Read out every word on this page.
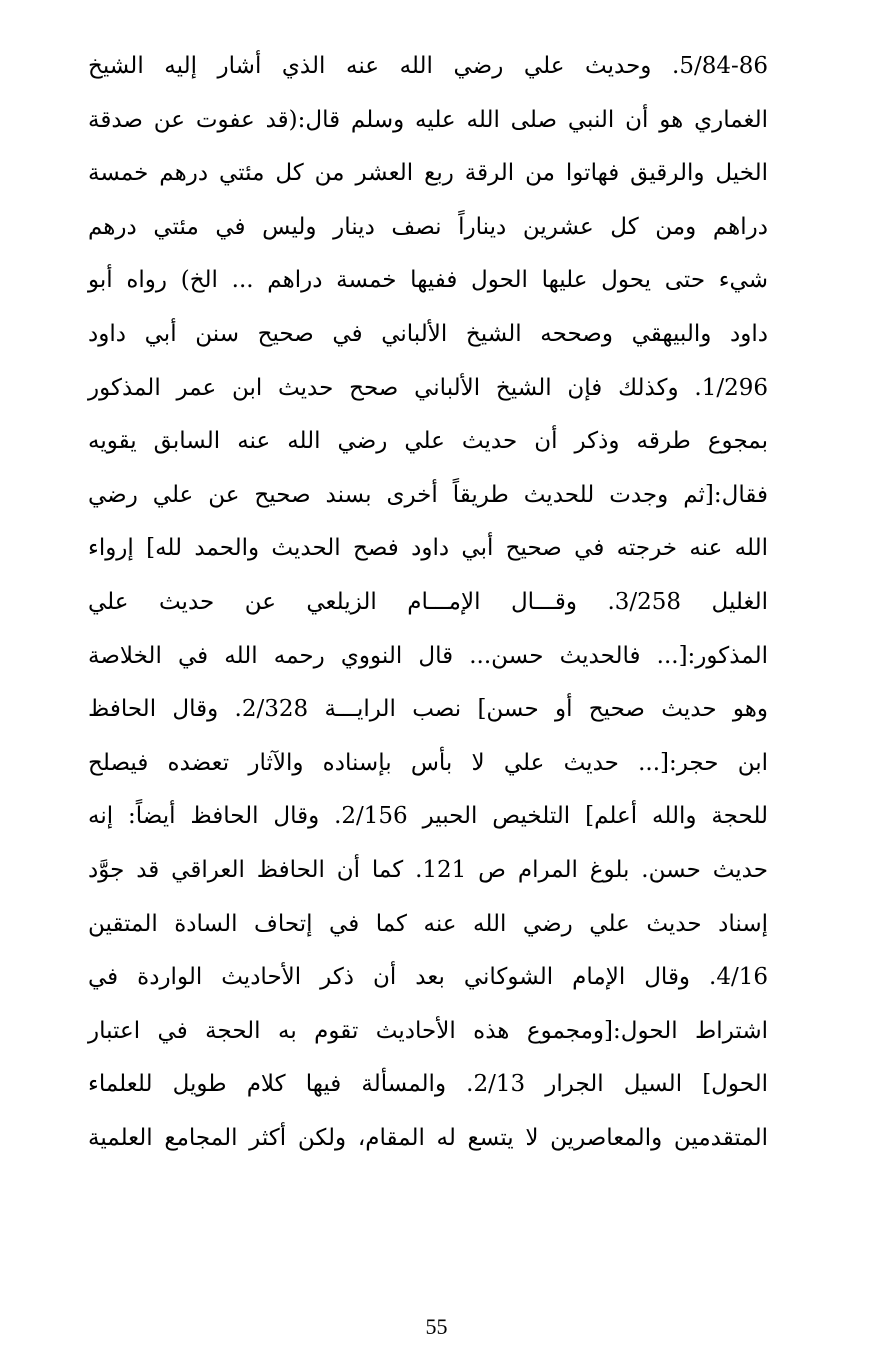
5/84-86. وحديث علي رضي الله عنه الذي أشار إليه الشيخ
الغماري هو أن النبي صلى الله عليه وسلم قال:(قد عفوت عن صدقة
الخيل والرقيق فهاتوا من الرقة ربع العشر من كل مئتي درهم خمسة
دراهم ومن كل عشرين ديناراً نصف دينار وليس في مئتي درهم
شيء حتى يحول عليها الحول ففيها خمسة دراهم ... الخ) رواه أبو
داود والبيهقي وصححه الشيخ الألباني في صحيح سنن أبي داود
1/296. وكذلك فإن الشيخ الألباني صحح حديث ابن عمر المذكور
بمجوع طرقه وذكر أن حديث علي رضي الله عنه السابق يقويه
فقال:[ثم وجدت للحديث طريقاً أخرى بسند صحيح عن علي رضي
الله عنه خرجته في صحيح أبي داود فصح الحديث والحمد لله] إرواء
الغليل 3/258. وقـــال الإمـــام الزيلعي عن حديث علي
المذكور:[... فالحديث حسن... قال النووي رحمه الله في الخلاصة
وهو حديث صحيح أو حسن] نصب الرايـــة 2/328. وقال الحافظ
ابن حجر:[... حديث علي لا بأس بإسناده والآثار تعضده فيصلح
للحجة والله أعلم] التلخيص الحبير 2/156. وقال الحافظ أيضاً: إنه
حديث حسن. بلوغ المرام ص 121. كما أن الحافظ العراقي قد جوَّد
إسناد حديث علي رضي الله عنه كما في إتحاف السادة المتقين
4/16. وقال الإمام الشوكاني بعد أن ذكر الأحاديث الواردة في
اشتراط الحول:[ومجموع هذه الأحاديث تقوم به الحجة في اعتبار
الحول] السيل الجرار 2/13. والمسألة فيها كلام طويل للعلماء
المتقدمين والمعاصرين لا يتسع له المقام، ولكن أكثر المجامع العلمية
55
